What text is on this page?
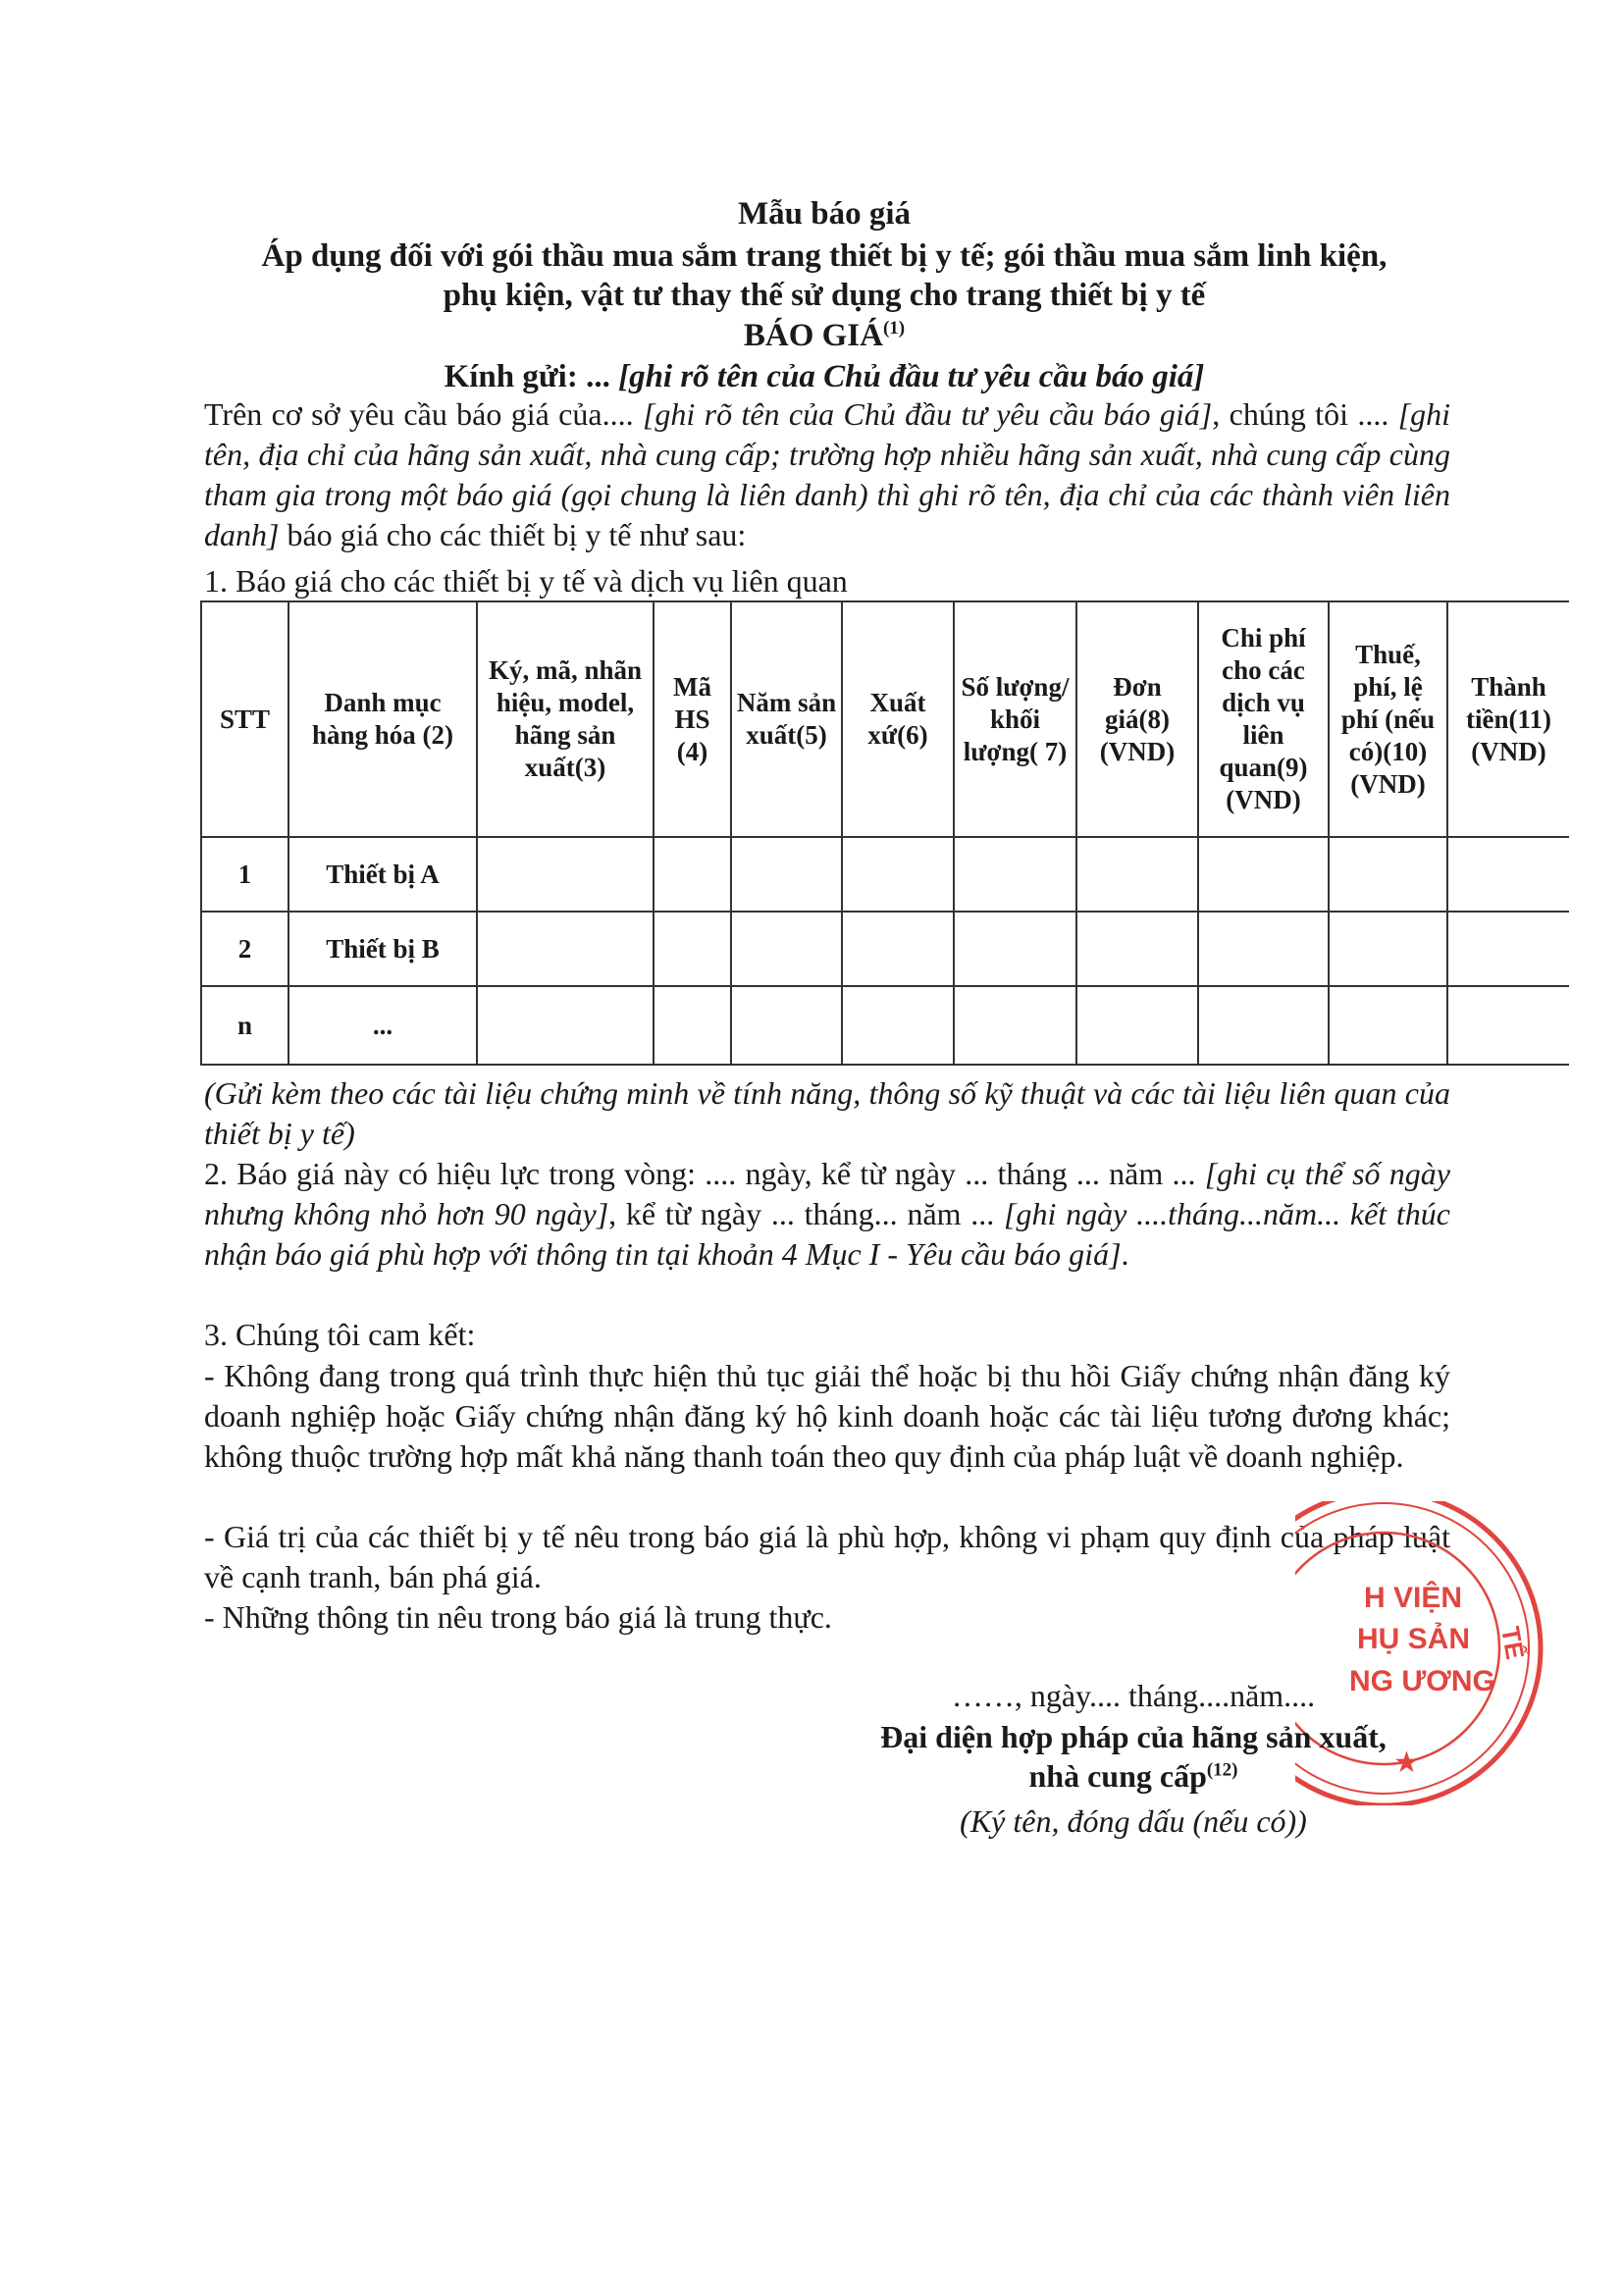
Mẫu báo giá
Áp dụng đối với gói thầu mua sắm trang thiết bị y tế; gói thầu mua sắm linh kiện,
phụ kiện, vật tư thay thế sử dụng cho trang thiết bị y tế
BÁO GIÁ$^{(1)}$
Kính gửi: ... [ghi rõ tên của Chủ đầu tư yêu cầu báo giá]
Trên cơ sở yêu cầu báo giá của.... [ghi rõ tên của Chủ đầu tư yêu cầu báo giá], chúng tôi .... [ghi tên, địa chỉ của hãng sản xuất, nhà cung cấp; trường hợp nhiều hãng sản xuất, nhà cung cấp cùng tham gia trong một báo giá (gọi chung là liên danh) thì ghi rõ tên, địa chỉ của các thành viên liên danh] báo giá cho các thiết bị y tế như sau:
1. Báo giá cho các thiết bị y tế và dịch vụ liên quan
STT	Danh mục hàng hóa (2)	Ký, mã, nhãn hiệu, model, hãng sản xuất(3)	Mã HS (4)	Năm sản xuất(5)	Xuất xứ(6)	Số lượng/ khối lượng( 7)	Đơn giá(8) (VND)	Chi phí cho các dịch vụ liên quan(9) (VND)	Thuế, phí, lệ phí (nếu có)(10) (VND)	Thành tiền(11) (VND)
1	Thiết bị A									
2	Thiết bị B									
n	...									
(Gửi kèm theo các tài liệu chứng minh về tính năng, thông số kỹ thuật và các tài liệu liên quan của thiết bị y tế)
2. Báo giá này có hiệu lực trong vòng: .... ngày, kể từ ngày ... tháng ... năm ... [ghi cụ thể số ngày nhưng không nhỏ hơn 90 ngày], kể từ ngày ... tháng... năm ... [ghi ngày ....tháng...năm... kết thúc nhận báo giá phù hợp với thông tin tại khoản 4 Mục I - Yêu cầu báo giá].
3. Chúng tôi cam kết:
- Không đang trong quá trình thực hiện thủ tục giải thể hoặc bị thu hồi Giấy chứng nhận đăng ký doanh nghiệp hoặc Giấy chứng nhận đăng ký hộ kinh doanh hoặc các tài liệu tương đương khác; không thuộc trường hợp mất khả năng thanh toán theo quy định của pháp luật về doanh nghiệp.
- Giá trị của các thiết bị y tế nêu trong báo giá là phù hợp, không vi phạm quy định của pháp luật về cạnh tranh, bán phá giá.
- Những thông tin nêu trong báo giá là trung thực.
H VIỆN
HỤ SẢN
NG ƯƠNG
TẾ
★
……, ngày.... tháng....năm....
Đại diện hợp pháp của hãng sản xuất,
nhà cung cấp$^{(12)}$
(Ký tên, đóng dấu (nếu có))
